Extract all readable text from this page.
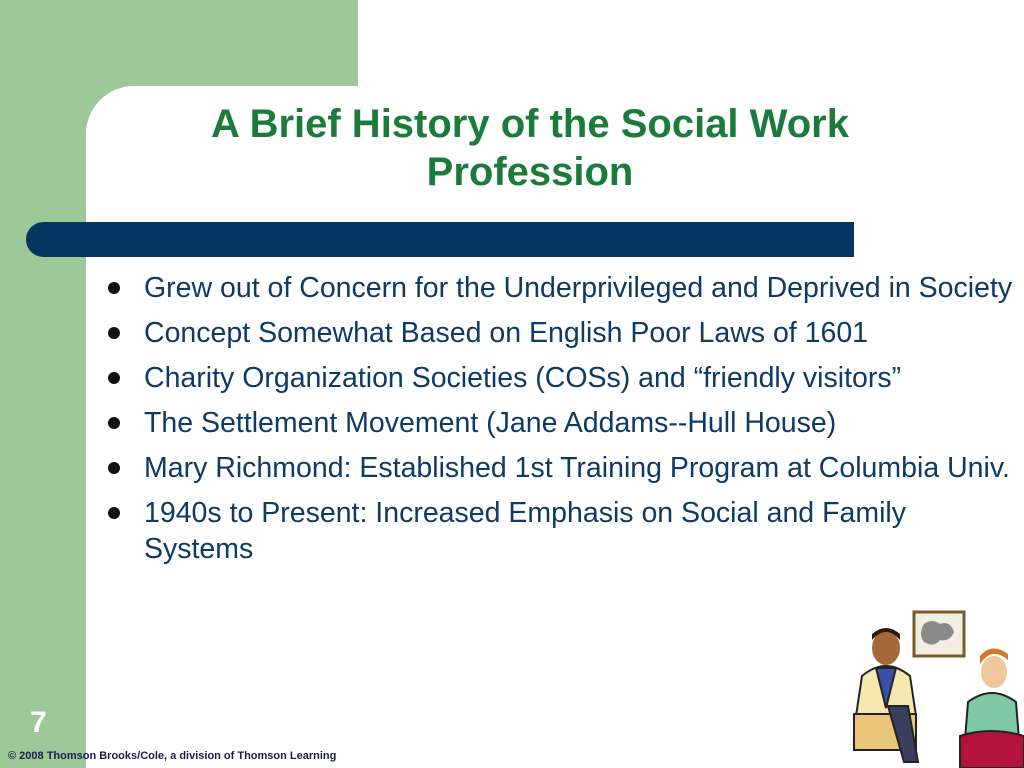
A Brief History of the Social Work Profession
Grew out of Concern for the Underprivileged and Deprived in Society
Concept Somewhat Based on English Poor Laws of 1601
Charity Organization Societies (COSs) and “friendly visitors”
The Settlement Movement (Jane Addams--Hull House)
Mary Richmond: Established 1st Training Program at Columbia Univ.
1940s to Present: Increased Emphasis on Social and Family Systems
7
© 2008 Thomson Brooks/Cole, a division of Thomson Learning
